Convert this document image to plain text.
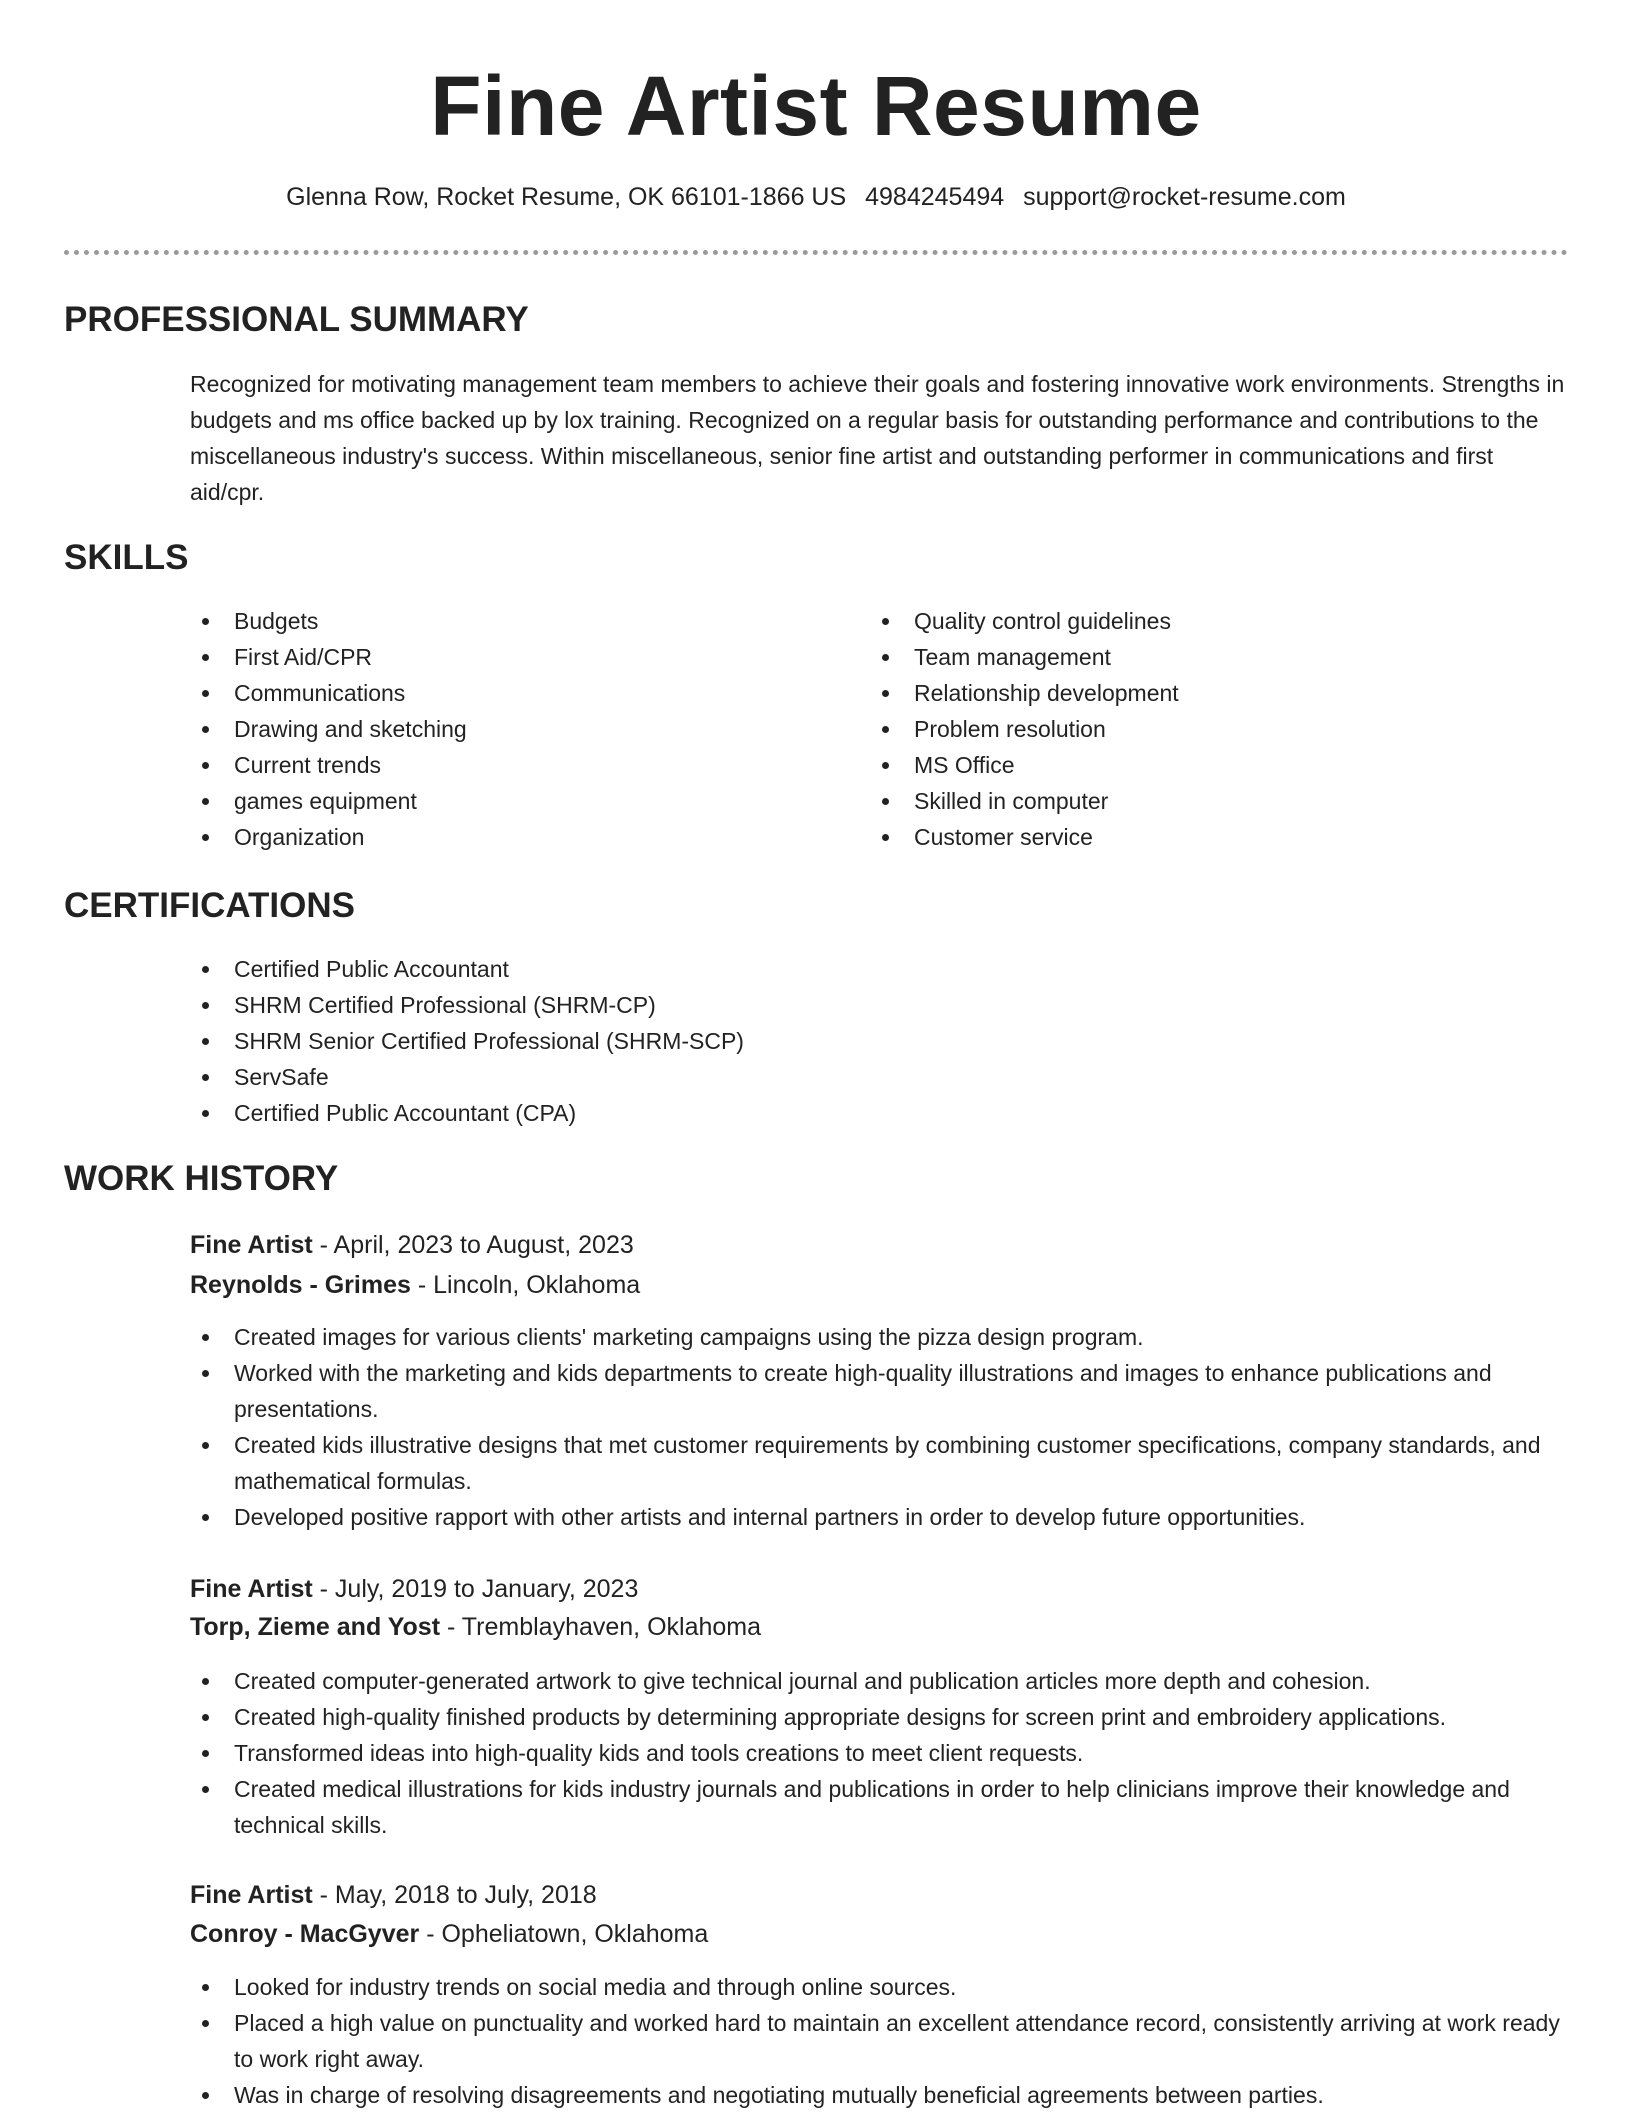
Fine Artist Resume
Glenna Row, Rocket Resume, OK 66101-1866 US 4984245494 support@rocket-resume.com
PROFESSIONAL SUMMARY

Recognized for motivating management team members to achieve their goals and fostering innovative work environments. Strengths in budgets and ms office backed up by lox training. Recognized on a regular basis for outstanding performance and contributions to the miscellaneous industry's success. Within miscellaneous, senior fine artist and outstanding performer in communications and first aid/cpr.

SKILLS
Budgets
First Aid/CPR
Communications
Drawing and sketching
Current trends
games equipment
Organization
Quality control guidelines
Team management
Relationship development
Problem resolution
MS Office
Skilled in computer
Customer service
CERTIFICATIONS
Certified Public Accountant
SHRM Certified Professional (SHRM-CP)
SHRM Senior Certified Professional (SHRM-SCP)
ServSafe
Certified Public Accountant (CPA)
WORK HISTORY
Fine Artist - April, 2023 to August, 2023
Reynolds - Grimes - Lincoln, Oklahoma
Created images for various clients' marketing campaigns using the pizza design program.
Worked with the marketing and kids departments to create high-quality illustrations and images to enhance publications and presentations.
Created kids illustrative designs that met customer requirements by combining customer specifications, company standards, and mathematical formulas.
Developed positive rapport with other artists and internal partners in order to develop future opportunities.
Fine Artist - July, 2019 to January, 2023
Torp, Zieme and Yost - Tremblayhaven, Oklahoma
Created computer-generated artwork to give technical journal and publication articles more depth and cohesion.
Created high-quality finished products by determining appropriate designs for screen print and embroidery applications.
Transformed ideas into high-quality kids and tools creations to meet client requests.
Created medical illustrations for kids industry journals and publications in order to help clinicians improve their knowledge and technical skills.
Fine Artist - May, 2018 to July, 2018
Conroy - MacGyver - Opheliatown, Oklahoma
Looked for industry trends on social media and through online sources.
Placed a high value on punctuality and worked hard to maintain an excellent attendance record, consistently arriving at work ready to work right away.
Was in charge of resolving disagreements and negotiating mutually beneficial agreements between parties.
